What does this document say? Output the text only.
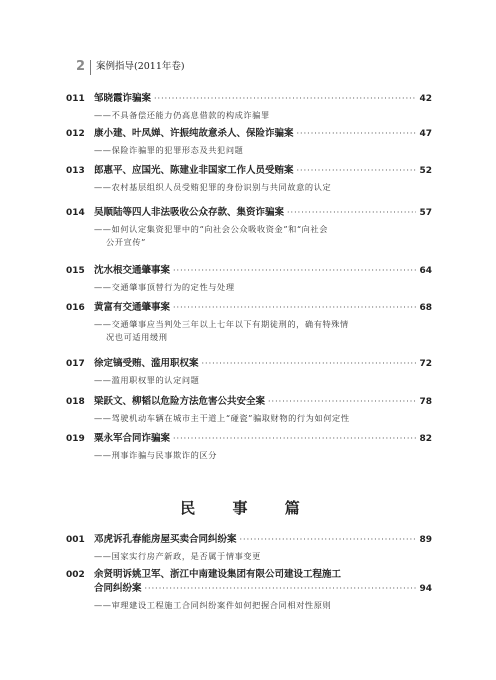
2 案例指导(2011年卷)
011 邹晓霞诈骗案 ·····	42
——不具备偿还能力仍高息借款的构成诈骗罪
012 康小建、叶凤婵、许振纯故意杀人、保险诈骗案 ·····	47
——保险诈骗罪的犯罪形态及共犯问题
013 郎惠平、应国光、陈建业非国家工作人员受贿案 ·····	52
——农村基层组织人员受贿犯罪的身份识别与共同故意的认定
014 吴顺陆等四人非法吸收公众存款、集资诈骗案 ·····	57
——如何认定集资犯罪中的“向社会公众吸收资金”和“向社会
公开宣传”
015 沈水根交通肇事案 ·····	64
——交通肇事顶替行为的定性与处理
016 黄富有交通肇事案 ·····	68
——交通肇事应当判处三年以上七年以下有期徒刑的，确有特殊情
况也可适用缓刑
017 徐定镐受贿、滥用职权案 ·····	72
——滥用职权罪的认定问题
018 梁跃文、柳韬以危险方法危害公共安全案 ·····	78
——驾驶机动车辆在城市主干道上“碰瓷”骗取财物的行为如何定性
019 粟永军合同诈骗案 ·····	82
——刑事诈骗与民事欺诈的区分
民 事 篇
001 邓虎诉孔春能房屋买卖合同纠纷案 ·····	89
——国家实行房产新政，是否属于情事变更
002 余贤明诉姚卫军、浙江中南建设集团有限公司建设工程施工
合同纠纷案 ·····	94
——审理建设工程施工合同纠纷案件如何把握合同相对性原则
